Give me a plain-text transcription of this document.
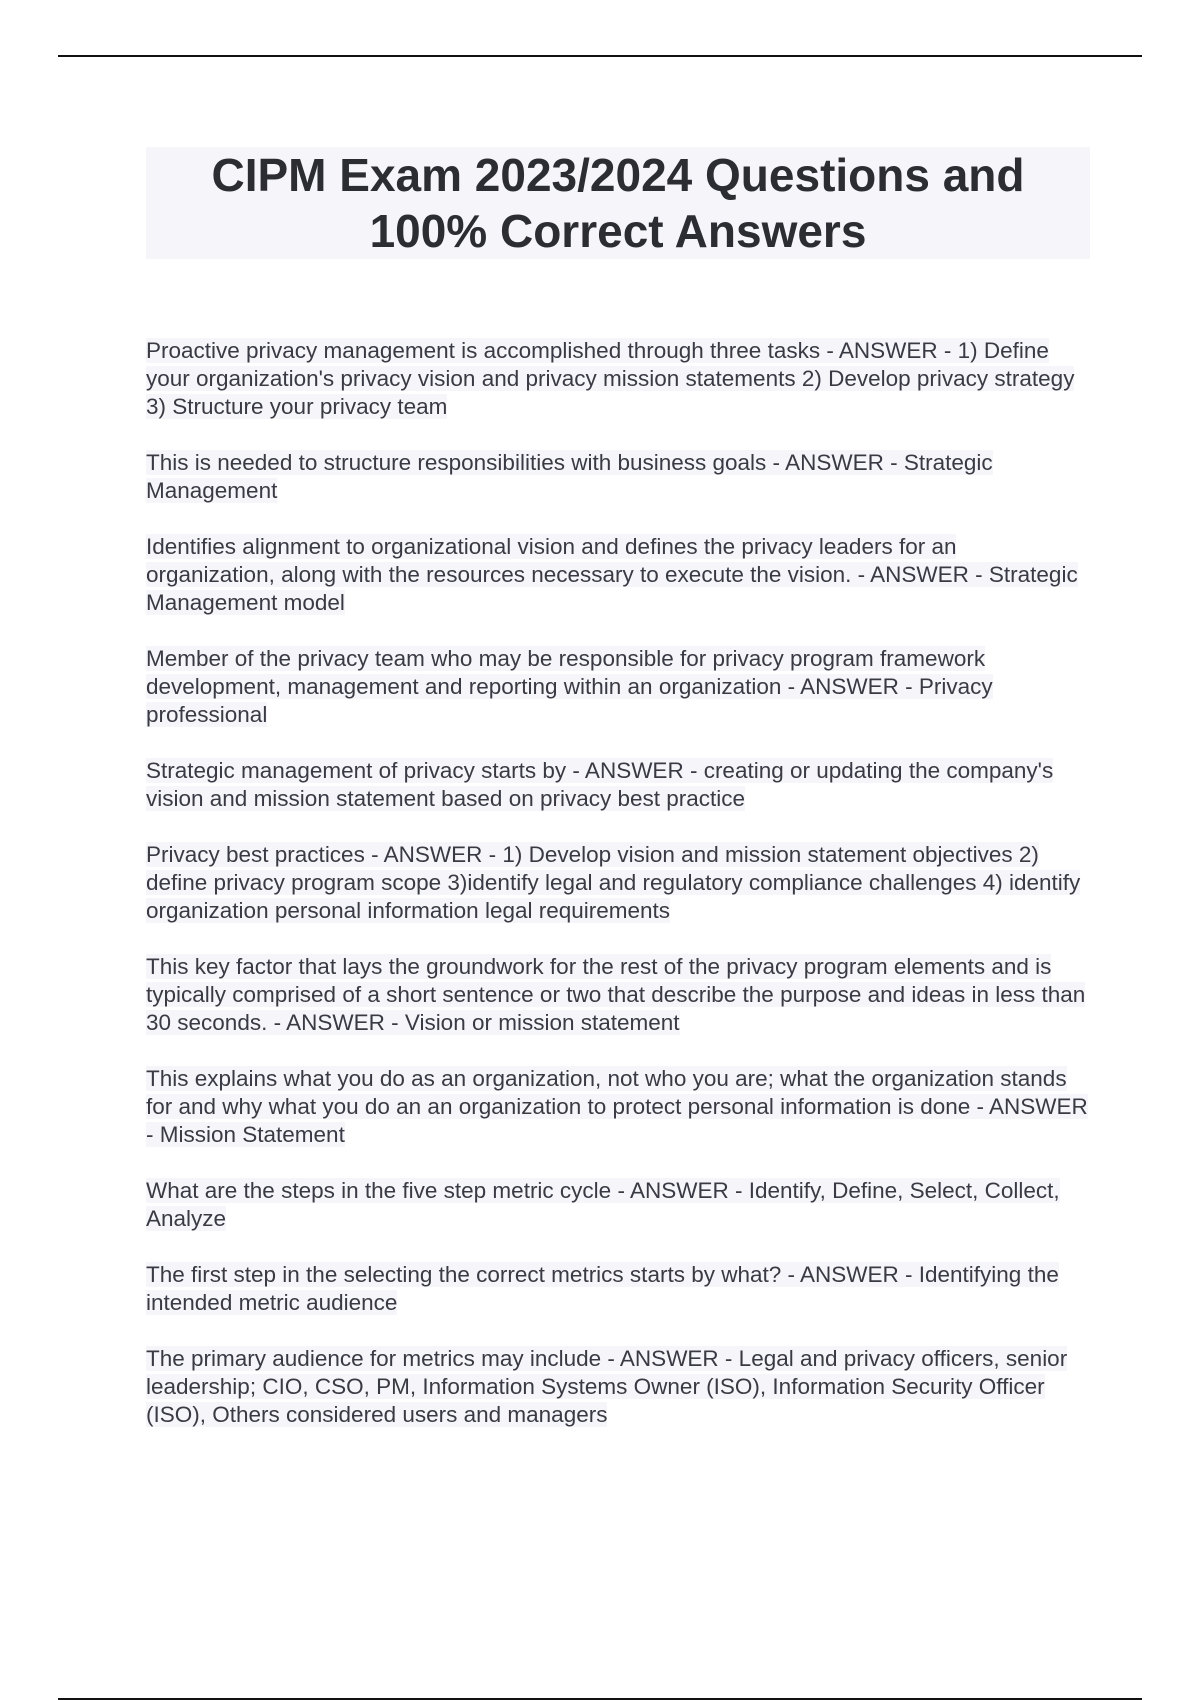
CIPM Exam 2023/2024 Questions and
100% Correct Answers

Proactive privacy management is accomplished through three tasks - ANSWER - 1) Define your organization's privacy vision and privacy mission statements 2) Develop privacy strategy 3) Structure your privacy team

This is needed to structure responsibilities with business goals - ANSWER - Strategic Management

Identifies alignment to organizational vision and defines the privacy leaders for an organization, along with the resources necessary to execute the vision. - ANSWER - Strategic Management model

Member of the privacy team who may be responsible for privacy program framework development, management and reporting within an organization - ANSWER - Privacy professional

Strategic management of privacy starts by - ANSWER - creating or updating the company's vision and mission statement based on privacy best practice

Privacy best practices - ANSWER - 1) Develop vision and mission statement objectives 2) define privacy program scope 3)identify legal and regulatory compliance challenges 4) identify organization personal information legal requirements

This key factor that lays the groundwork for the rest of the privacy program elements and is typically comprised of a short sentence or two that describe the purpose and ideas in less than 30 seconds. - ANSWER - Vision or mission statement

This explains what you do as an organization, not who you are; what the organization stands for and why what you do an an organization to protect personal information is done - ANSWER - Mission Statement

What are the steps in the five step metric cycle - ANSWER - Identify, Define, Select, Collect, Analyze

The first step in the selecting the correct metrics starts by what? - ANSWER - Identifying the intended metric audience

The primary audience for metrics may include - ANSWER - Legal and privacy officers, senior leadership; CIO, CSO, PM, Information Systems Owner (ISO), Information Security Officer (ISO), Others considered users and managers
